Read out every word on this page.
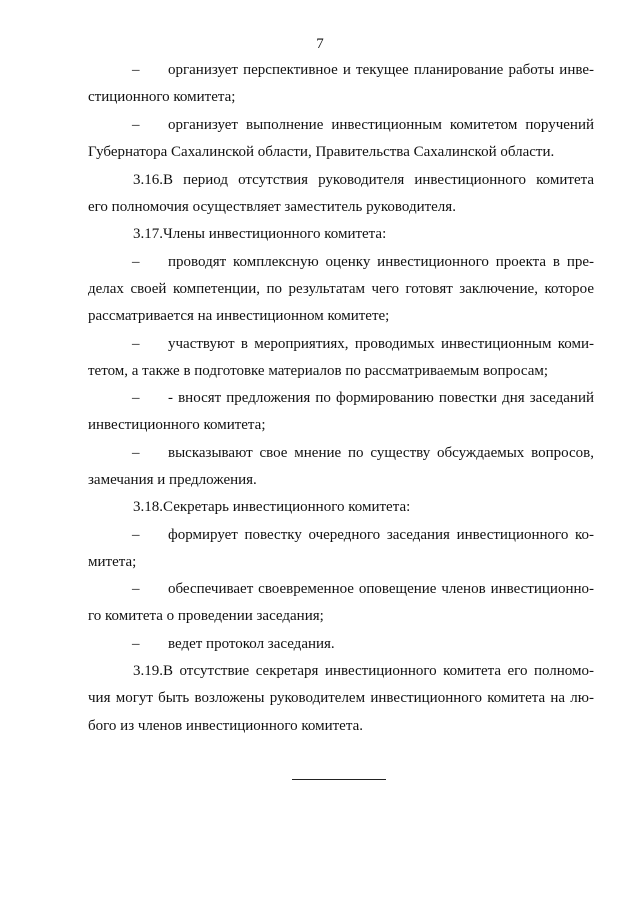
7
– организует перспективное и текущее планирование работы инве-
стиционного комитета;
– организует выполнение инвестиционным комитетом поручений
Губернатора Сахалинской области, Правительства Сахалинской области.
3.16.В период отсутствия руководителя инвестиционного комитета
его полномочия осуществляет заместитель руководителя.
3.17.Члены инвестиционного комитета:
– проводят комплексную оценку инвестиционного проекта в пре-
делах своей компетенции, по результатам чего готовят заключение, которое
рассматривается на инвестиционном комитете;
– участвуют в мероприятиях, проводимых инвестиционным коми-
тетом, а также в подготовке материалов по рассматриваемым вопросам;
– - вносят предложения по формированию повестки дня заседаний
инвестиционного комитета;
– высказывают свое мнение по существу обсуждаемых вопросов,
замечания и предложения.
3.18.Секретарь инвестиционного комитета:
– формирует повестку очередного заседания инвестиционного ко-
митета;
– обеспечивает своевременное оповещение членов инвестиционно-
го комитета о проведении заседания;
– ведет протокол заседания.
3.19.В отсутствие секретаря инвестиционного комитета его полномо-
чия могут быть возложены руководителем инвестиционного комитета на лю-
бого из членов инвестиционного комитета.
